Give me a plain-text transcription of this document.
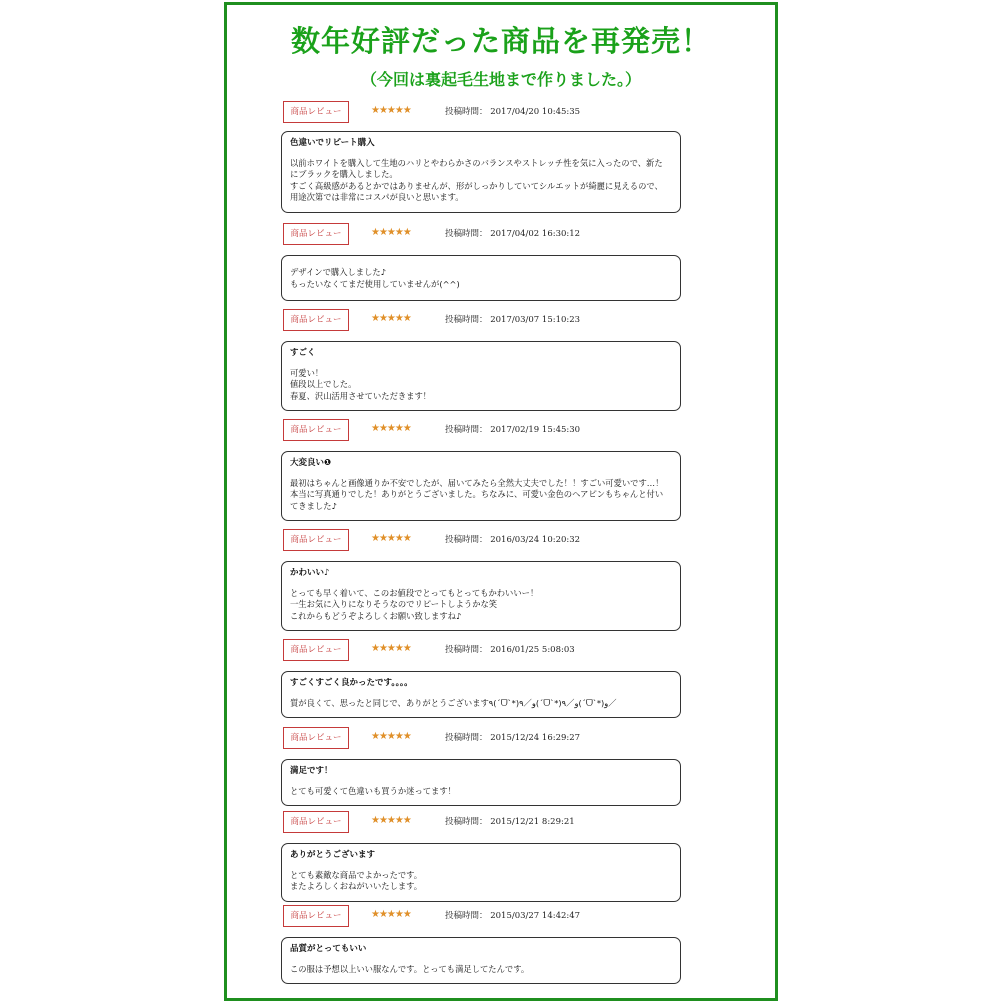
数年好評だった商品を再発売！
（今回は裏起毛生地まで作りました。）
商品レビュー	★★★★★	投稿時間： 2017/04/20 10:45:35
色違いでリピート購入
以前ホワイトを購入して生地のハリとやわらかさのバランスやストレッチ性を気に入ったので、新た
にブラックを購入しました。
すごく高級感があるとかではありませんが、形がしっかりしていてシルエットが綺麗に見えるので、
用途次第では非常にコスパが良いと思います。
商品レビュー	★★★★★	投稿時間： 2017/04/02 16:30:12
デザインで購入しました♪
もったいなくてまだ使用していませんが(^^)
商品レビュー	★★★★★	投稿時間： 2017/03/07 15:10:23
すごく
可愛い！
値段以上でした。
春夏、沢山活用させていただきます！
商品レビュー	★★★★★	投稿時間： 2017/02/19 15:45:30
大変良い❶
最初はちゃんと画像通りか不安でしたが、届いてみたら全然大丈夫でした！！すごい可愛いです…！
本当に写真通りでした！ありがとうございました。ちなみに、可愛い金色のヘアピンもちゃんと付い
てきました♪
商品レビュー	★★★★★	投稿時間： 2016/03/24 10:20:32
かわいい♪
とっても早く着いて、このお値段でとってもとってもかわいいー！
一生お気に入りになりそうなのでリピートしようかな笑
これからもどうぞよろしくお願い致しますね♪
商品レビュー	★★★★★	投稿時間： 2016/01/25 5:08:03
すごくすごく良かったです。。。。
質が良くて、思ったと同じで、ありがとうございます٩(ˊᗜˋ*)و／٩(ˊᗜˋ*)و／٩(ˊᗜˋ*)و／
商品レビュー	★★★★★	投稿時間： 2015/12/24 16:29:27
満足です！
とても可愛くて色違いも買うか迷ってます！
商品レビュー	★★★★★	投稿時間： 2015/12/21 8:29:21
ありがとうございます
とても素敵な商品でよかったです。
またよろしくおねがいいたします。
商品レビュー	★★★★★	投稿時間： 2015/03/27 14:42:47
品質がとってもいい
この服は予想以上いい服なんです。とっても満足してたんです。
